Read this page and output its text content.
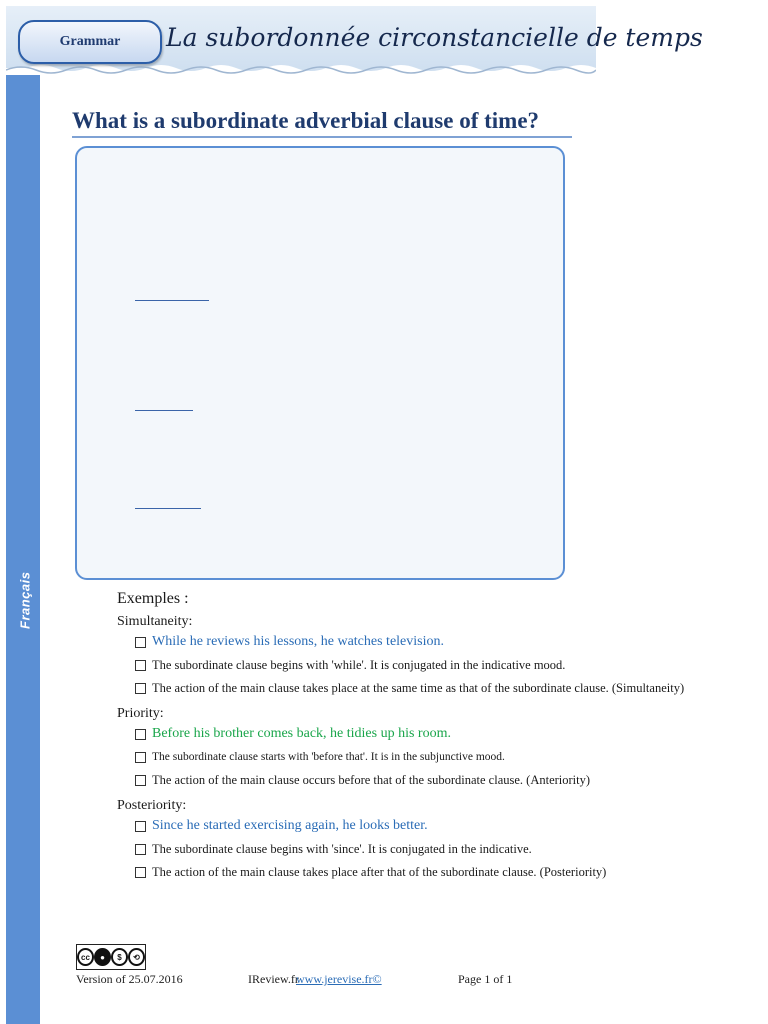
Grammar	La subordonnée circonstancielle de temps
Français
What is a subordinate adverbial clause of time?
Exemples :
Simultaneity:
While he reviews his lessons, he watches television.
The subordinate clause begins with 'while'. It is conjugated in the indicative mood.
The action of the main clause takes place at the same time as that of the subordinate clause. (Simultaneity)
Priority:
Before his brother comes back, he tidies up his room.
The subordinate clause starts with 'before that'. It is in the subjunctive mood.
The action of the main clause occurs before that of the subordinate clause. (Anteriority)
Posteriority:
Since he started exercising again, he looks better.
The subordinate clause begins with 'since'. It is conjugated in the indicative.
The action of the main clause takes place after that of the subordinate clause. (Posteriority)
cc	●	$	⟲
Version of 25.07.2016	IReview.fr
www.jerevise.fr©	Page 1 of 1
